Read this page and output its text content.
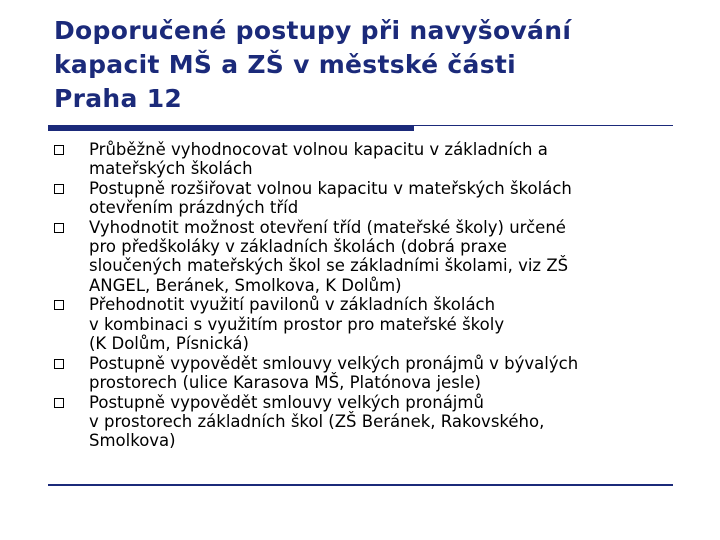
Doporučené postupy při navyšování
kapacit MŠ a ZŠ v městské části
Praha 12
Průběžně vyhodnocovat volnou kapacitu v základních a
mateřských školách
Postupně rozšiřovat volnou kapacitu v mateřských školách
otevřením prázdných tříd
Vyhodnotit možnost otevření tříd (mateřské školy) určené
pro předškoláky v základních školách (dobrá praxe
sloučených mateřských škol se základními školami, viz ZŠ
ANGEL, Beránek, Smolkova, K Dolům)
Přehodnotit využití pavilonů v základních školách
v kombinaci s využitím prostor pro mateřské školy
(K Dolům, Písnická)
Postupně vypovědět smlouvy velkých pronájmů v bývalých
prostorech (ulice Karasova MŠ, Platónova jesle)
Postupně vypovědět smlouvy velkých pronájmů
v prostorech základních škol (ZŠ Beránek, Rakovského,
Smolkova)
